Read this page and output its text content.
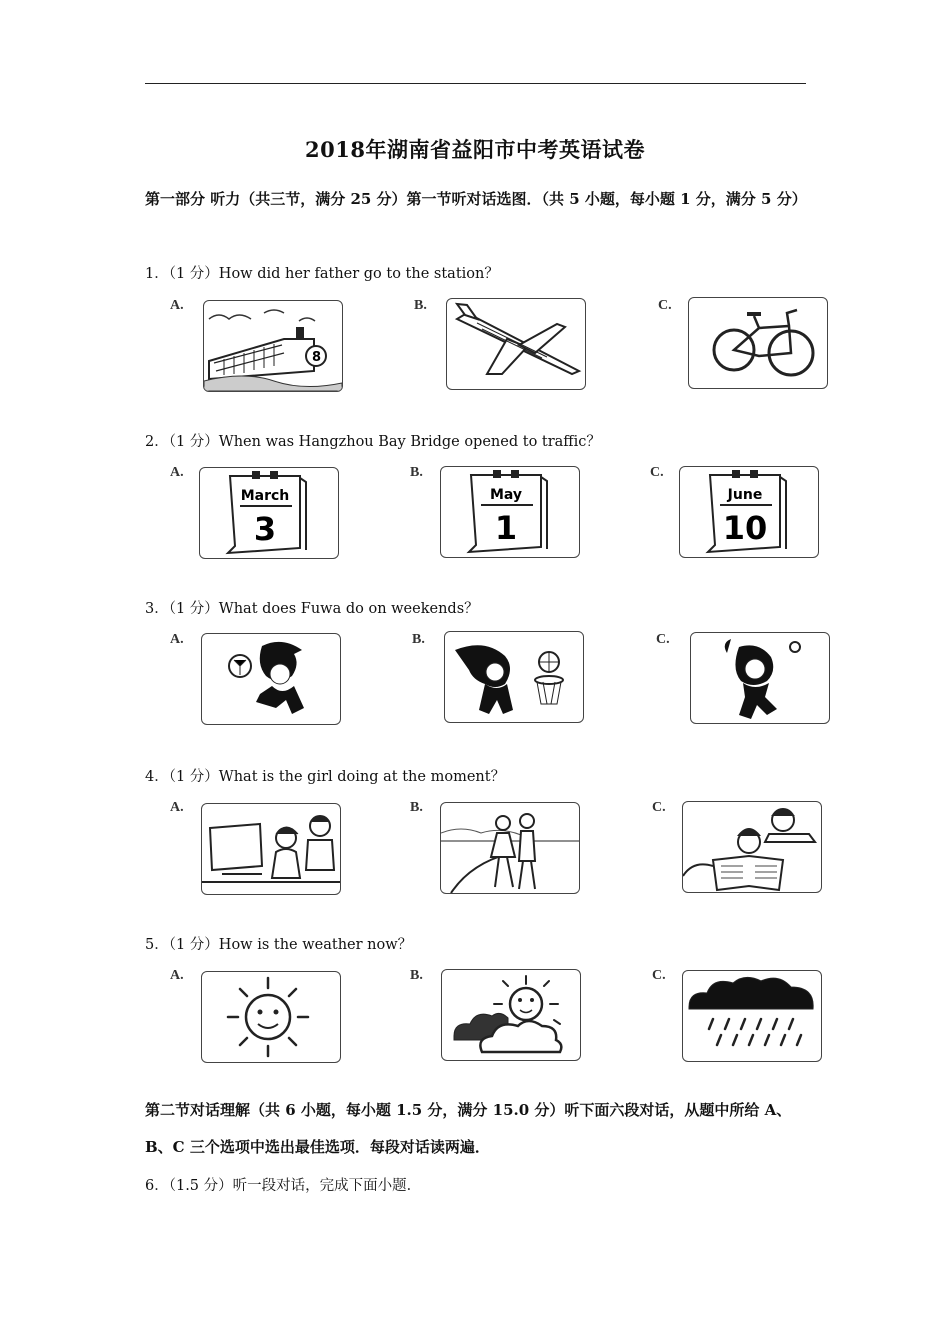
2018年湖南省益阳市中考英语试卷
第一部分 听力（共三节，满分 25 分）第一节听对话选图．（共 5 小题，每小题 1 分，满分 5 分）
1．（1 分）How did her father go to the station？
A.	B.	C.
8
2．（1 分）When was Hangzhou Bay Bridge opened to traffic？
A.	B.	C.
March
3
May
1
June
10
3．（1 分）What does Fuwa do on weekends？
A.	B.	C.
4．（1 分）What is the girl doing at the moment？
A.	B.	C.
5．（1 分）How is the weather now？
A.	B.	C.
第二节对话理解（共 6 小题，每小题 1.5 分，满分 15.0 分）听下面六段对话，从题中所给 A、B、C 三个选项中选出最佳选项．每段对话读两遍．
6．（1.5 分）听一段对话，完成下面小题．
